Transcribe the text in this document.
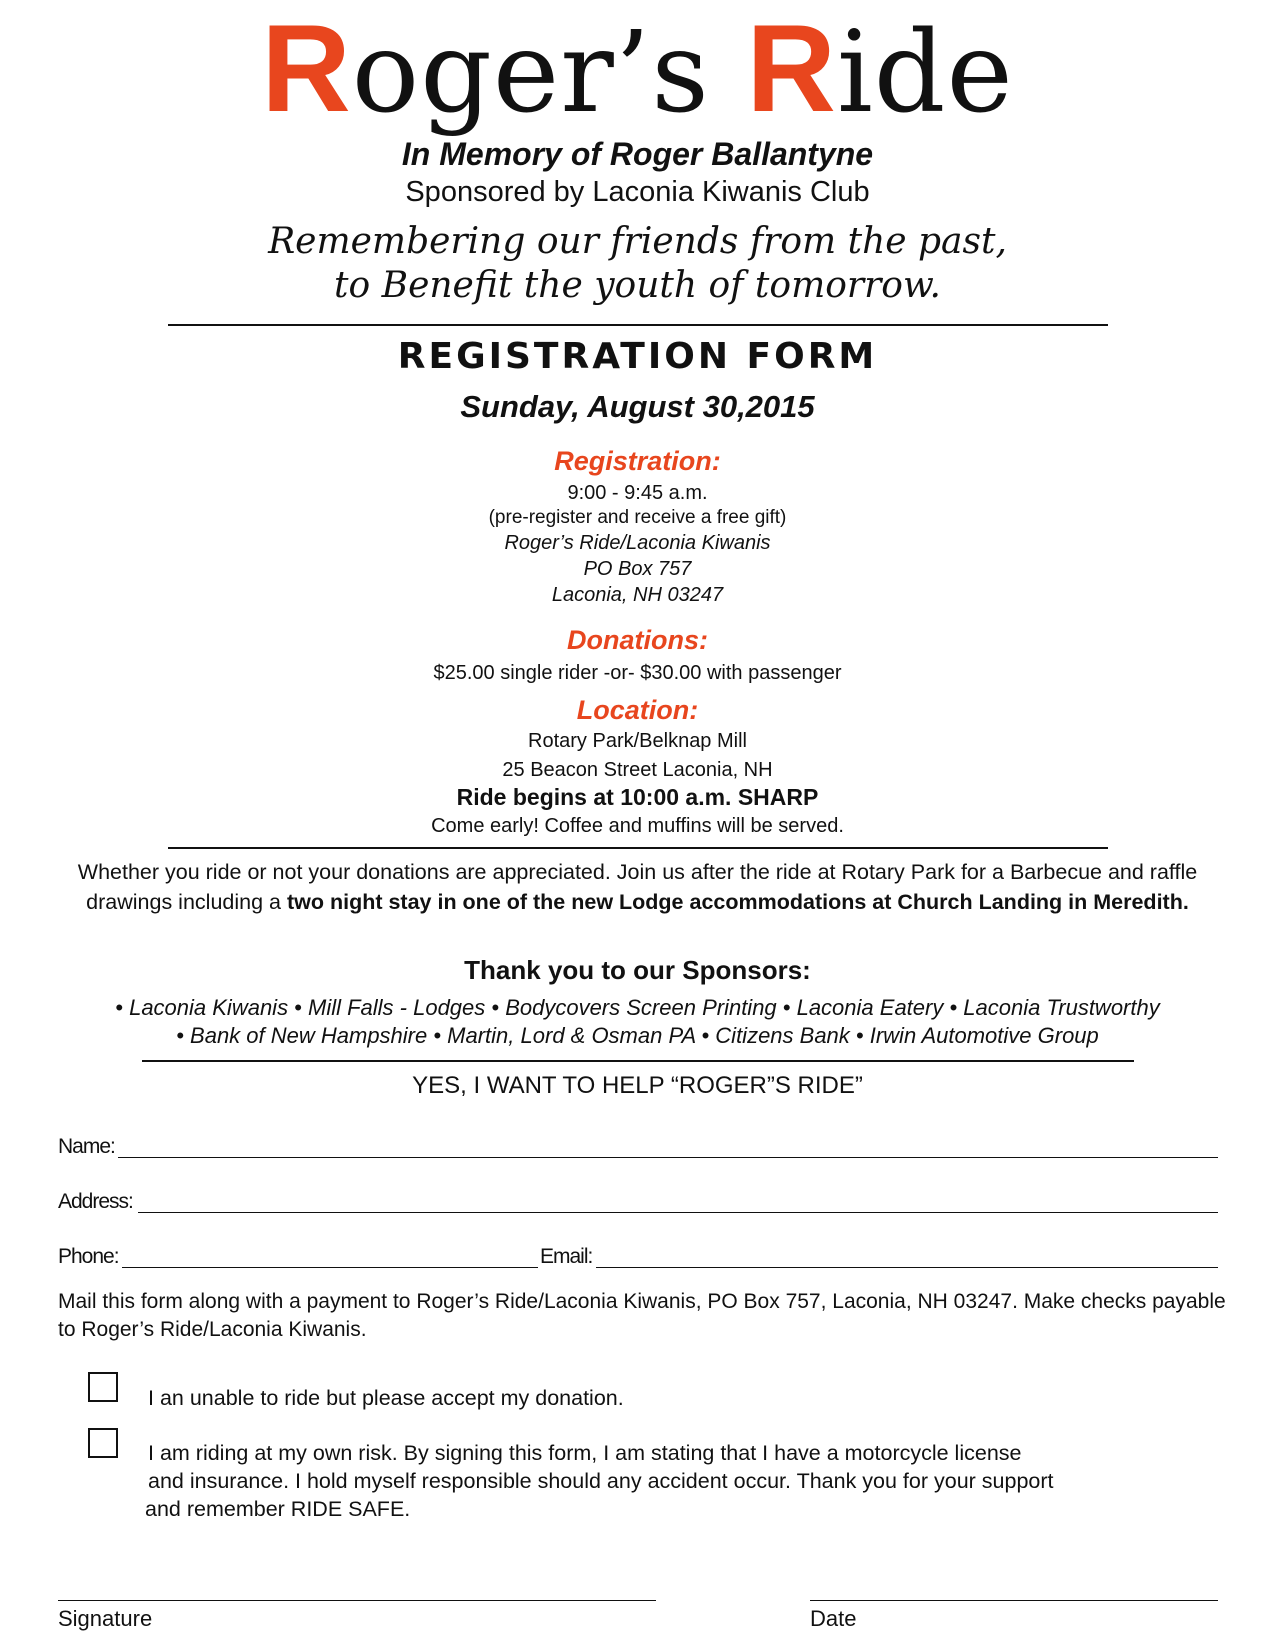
Roger’s Ride
In Memory of Roger Ballantyne
Sponsored by Laconia Kiwanis Club
Remembering our friends from the past,
to Benefit the youth of tomorrow.
REGISTRATION FORM
Sunday, August 30,2015
Registration:
9:00 - 9:45 a.m.
(pre-register and receive a free gift)
Roger’s Ride/Laconia Kiwanis
PO Box 757
Laconia, NH 03247
Donations:
$25.00 single rider -or- $30.00 with passenger
Location:
Rotary Park/Belknap Mill
25 Beacon Street Laconia, NH
Ride begins at 10:00 a.m. SHARP
Come early! Coffee and muffins will be served.
Whether you ride or not your donations are appreciated. Join us after the ride at Rotary Park for a Barbecue and raffle drawings including a two night stay in one of the new Lodge accommodations at Church Landing in Meredith.
Thank you to our Sponsors:
• Laconia Kiwanis • Mill Falls - Lodges • Bodycovers Screen Printing • Laconia Eatery • Laconia Trustworthy
• Bank of New Hampshire • Martin, Lord & Osman PA • Citizens Bank • Irwin Automotive Group
YES, I WANT TO HELP “ROGER”S RIDE”
Name:
Address:
Phone:	Email:
Mail this form along with a payment to Roger’s Ride/Laconia Kiwanis, PO Box 757, Laconia, NH 03247. Make checks payable to Roger’s Ride/Laconia Kiwanis.
I an unable to ride but please accept my donation.
I am riding at my own risk. By signing this form, I am stating that I have a motorcycle license
and insurance. I hold myself responsible should any accident occur. Thank you for your support
and remember RIDE SAFE.
Signature	Date
